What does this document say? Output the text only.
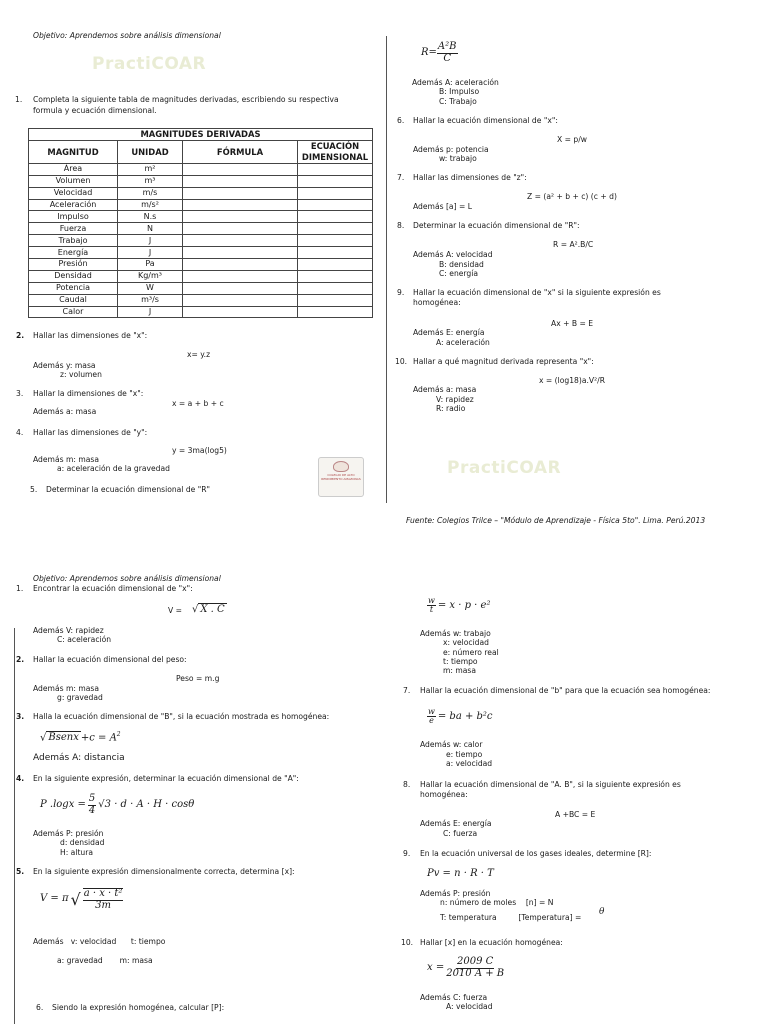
Objetivo: Aprendemos sobre análisis dimensional
PractiCOAR
1. Completa la siguiente tabla de magnitudes derivadas, escribiendo su respectiva
formula y ecuación dimensional.
MAGNITUDES DERIVADAS			
MAGNITUD	UNIDAD	FÓRMULA	ECUACIÓN DIMENSIONAL
Área	m²		
Volumen	m³		
Velocidad	m/s		
Aceleración	m/s²		
Impulso	N.s		
Fuerza	N		
Trabajo	J		
Energía	J		
Presión	Pa		
Densidad	Kg/m³		
Potencia	W		
Caudal	m³/s		
Calor	J		
2. Hallar las dimensiones de "x":
x= y.z
Además y: masa
z: volumen
3. Hallar la dimensiones de "x":
x = a + b + c
Además a: masa
4. Hallar las dimensiones de "y":
y = 3ma(log5)
Además m: masa
a: aceleración de la gravedad
5. Determinar la ecuación dimensional de "R"
COLEGIO DE ALTO RENDIMIENTO AMAZONAS
$R= \frac{\text{A²B}}{C}$
Además A: aceleración
B: Impulso
C: Trabajo
6. Hallar la ecuación dimensional de "x":
X = p/w
Además p: potencia
w: trabajo
7. Hallar las dimensiones de "z":
Z = (a² + b + c) (c + d)
Además [a] = L
8. Determinar la ecuación dimensional de "R":
R = A².B/C
Además A: velocidad
B: densidad
C: energía
9. Hallar la ecuación dimensional de "x" si la siguiente expresión es
homogénea:
Ax + B = E
Además E: energía
A: aceleración
10. Hallar a qué magnitud derivada representa "x":
x = (log18)a.V²/R
Además a: masa
V: rapidez
R: radio
PractiCOAR
Fuente: Colegios Trilce – "Módulo de Aprendizaje - Física 5to". Lima. Perú.2013
Objetivo: Aprendemos sobre análisis dimensional
1. Encontrar la ecuación dimensional de "x":
V = √ X . C
Además V: rapidez
C: aceleración
2. Hallar la ecuación dimensional del peso:
Peso = m.g
Además m: masa
g: gravedad
3. Halla la ecuación dimensional de "B", si la ecuación mostrada es homogénea:
√ Bsenx $+c = A^2$
Además A: distancia
4. En la siguiente expresión, determinar la ecuación dimensional de "A":
P $.\log x = \frac{5}{4} √3 \cdot d \cdot A \cdot H \cdot \cos\theta$
Además P: presión
d: densidad
H: altura
5. En la siguiente expresión dimensionalmente correcta, determina [x]:
V = π √ $\frac{\text{a · x · t²}}{3m}$
Además   v: velocidad      t: tiempo
a: gravedad       m: masa
6. Siendo la expresión homogénea, calcular [P]:
$\frac{w}{t} = x \cdot p \cdot e^2$
Además w: trabajo
x: velocidad
e: número real
t: tiempo
m: masa
7. Hallar la ecuación dimensional de "b" para que la ecuación sea homogénea:
$\frac{w}{e}$ = ba + b²c
Además w: calor
e: tiempo
a: velocidad
8. Hallar la ecuación dimensional de "A. B", si la siguiente expresión es
homogénea:
A +BC = E
Además E: energía
C: fuerza
9. En la ecuación universal de los gases ideales, determine [R]:
Pv = n · R · T
Además P: presión
n: número de moles    [n] = N
T: temperatura         [Temperatura] =
θ
10. Hallar [x] en la ecuación homogénea:
$x = \frac{2009 C}{2010 A + B}$
Además C: fuerza
A: velocidad
